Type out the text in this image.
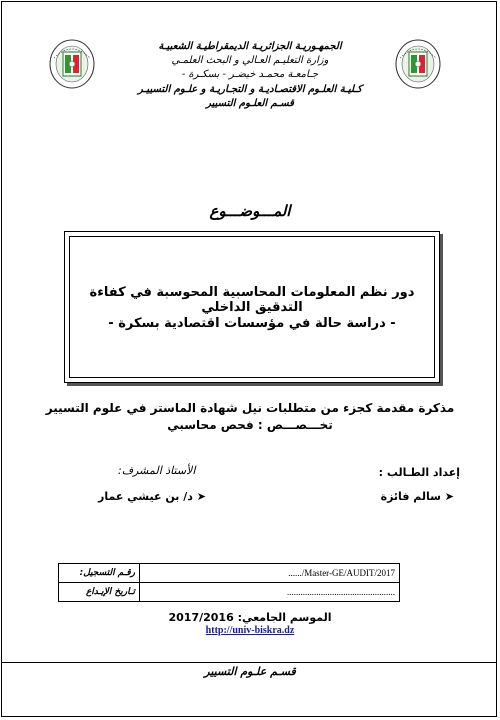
الجمهـوريـة الجزائريـة الديمقراطيـة الشعبيـة
وزارة التعليـم العـالي و البحث العلمـي
جـامعـة محمـد خيضـر - بسكـرة -
كـليـة العلـوم الاقتصـاديـة و التجـاريـة و علـوم التسييـر
قسـم العلـوم التسيير
المـــوضـــوع
دور نظم المعلومات المحاسبية المحوسبة في كفاءة التدقيق الداخلي
- دراسة حالة في مؤسسات اقتصادية بسكرة -
مذكرة مقدمة كجزء من متطلبات نيل شهادة الماستر في علوم التسيير
تخـــصـــص : فحص محاسبي
إعداد الطـالب :
➤ سالم فائزة
الأستاذ المشرف:
➤ د/ بن عيشي عمار
رقـم التسجيل:	....../Master-GE/AUDIT/2017
تـاريخ الإيـداع	................................................
الموسم الجامعي: 2017/2016
http://univ-biskra.dz
قسـم علـوم التسيير
